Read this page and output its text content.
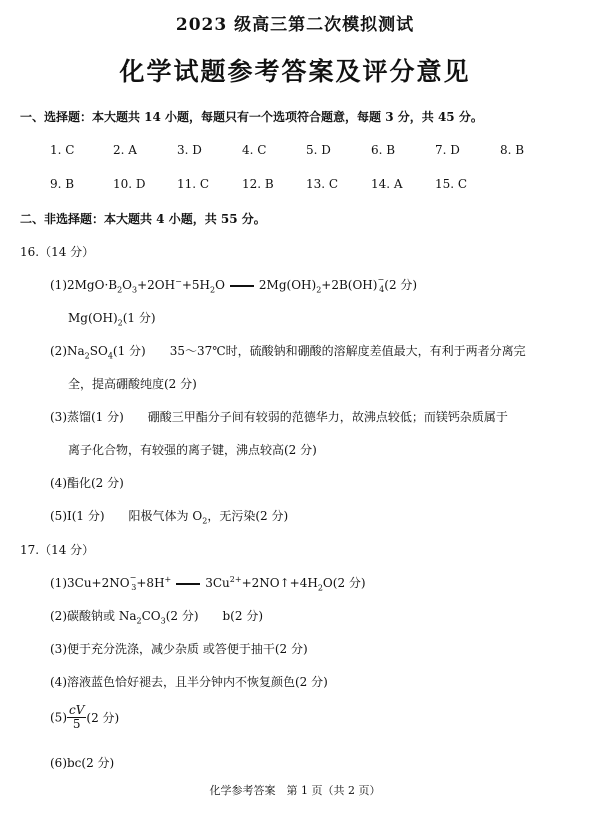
2023 级高三第二次模拟测试
化学试题参考答案及评分意见
一、选择题：本大题共 14 小题，每题只有一个选项符合题意，每题 3 分，共 45 分。
1. C	2. A	3. D	4. C	5. D	6. B	7. D	8. B
9. B	10. D	11. C	12. B	13. C	14. A	15. C
二、非选择题：本大题共 4 小题，共 55 分。
16.（14 分）
$(1)2MgO\cdot B_2O_3+2OH^-+5H_2O$	$2Mg(OH)_2+2B(OH)^-_4(2$ 分)
$Mg(OH)_2(1$ 分)
$(2)Na_2SO_4(1$ 分)　　35～37℃时，硫酸钠和硼酸的溶解度差值最大，有利于两者分离完
全，提高硼酸纯度(2 分)
(3)蒸馏(1 分)　　硼酸三甲酯分子间有较弱的范德华力，故沸点较低；而镁钙杂质属于
离子化合物，有较强的离子键，沸点较高(2 分)
(4)酯化(2 分)
(5)I(1 分)　　阳极气体为 $O_2$，无污染(2 分)
17.（14 分）
$(1)3Cu+2NO^-_3+8H^+$	$3Cu^{2+}+2NO↑+4H_2O(2$ 分)
(2)碳酸钠或 $Na_2CO_3(2$ 分)　　b(2 分)
(3)便于充分洗涤，减少杂质 或答便于抽干(2 分)
(4)溶液蓝色恰好褪去，且半分钟内不恢复颜色(2 分)
$(5) \frac{cV}{5} (2$ 分)
(6)bc(2 分)
化学参考答案　第 1 页（共 2 页）
